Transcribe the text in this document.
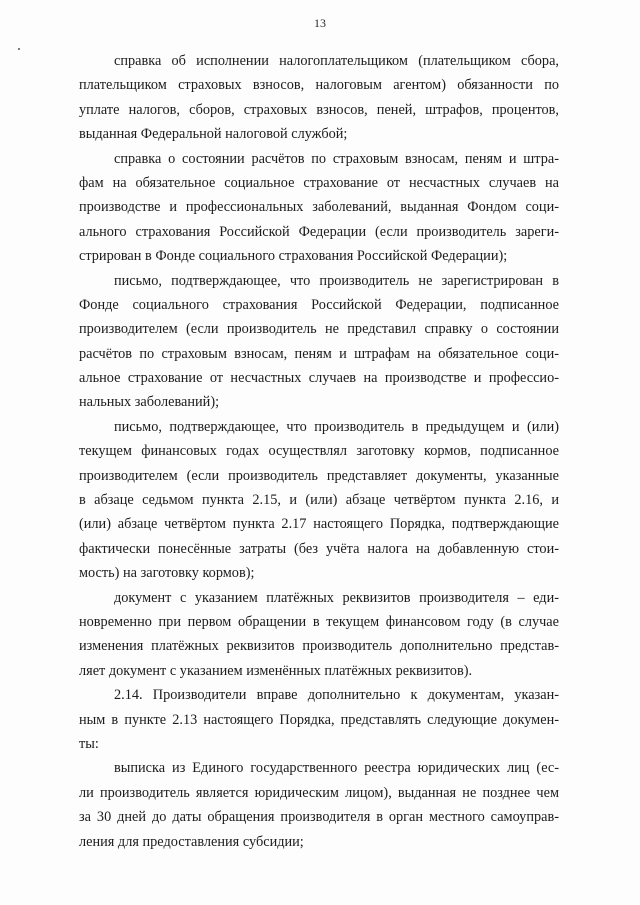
13
справка об исполнении налогоплательщиком (плательщиком сбора,
плательщиком страховых взносов, налоговым агентом) обязанности по
уплате налогов, сборов, страховых взносов, пеней, штрафов, процентов,
выданная Федеральной налоговой службой;
справка о состоянии расчётов по страховым взносам, пеням и штра-
фам на обязательное социальное страхование от несчастных случаев на
производстве и профессиональных заболеваний, выданная Фондом соци-
ального страхования Российской Федерации (если производитель зареги-
стрирован в Фонде социального страхования Российской Федерации);
письмо, подтверждающее, что производитель не зарегистрирован в
Фонде социального страхования Российской Федерации, подписанное
производителем (если производитель не представил справку о состоянии
расчётов по страховым взносам, пеням и штрафам на обязательное соци-
альное страхование от несчастных случаев на производстве и профессио-
нальных заболеваний);
письмо, подтверждающее, что производитель в предыдущем и (или)
текущем финансовых годах осуществлял заготовку кормов, подписанное
производителем (если производитель представляет документы, указанные
в абзаце седьмом пункта 2.15, и (или) абзаце четвёртом пункта 2.16, и
(или) абзаце четвёртом пункта 2.17 настоящего Порядка, подтверждающие
фактически понесённые затраты (без учёта налога на добавленную стои-
мость) на заготовку кормов);
документ с указанием платёжных реквизитов производителя – еди-
новременно при первом обращении в текущем финансовом году (в случае
изменения платёжных реквизитов производитель дополнительно представ-
ляет документ с указанием изменённых платёжных реквизитов).
2.14. Производители вправе дополнительно к документам, указан-
ным в пункте 2.13 настоящего Порядка, представлять следующие докумен-
ты:
выписка из Единого государственного реестра юридических лиц (ес-
ли производитель является юридическим лицом), выданная не позднее чем
за 30 дней до даты обращения производителя в орган местного самоуправ-
ления для предоставления субсидии;
